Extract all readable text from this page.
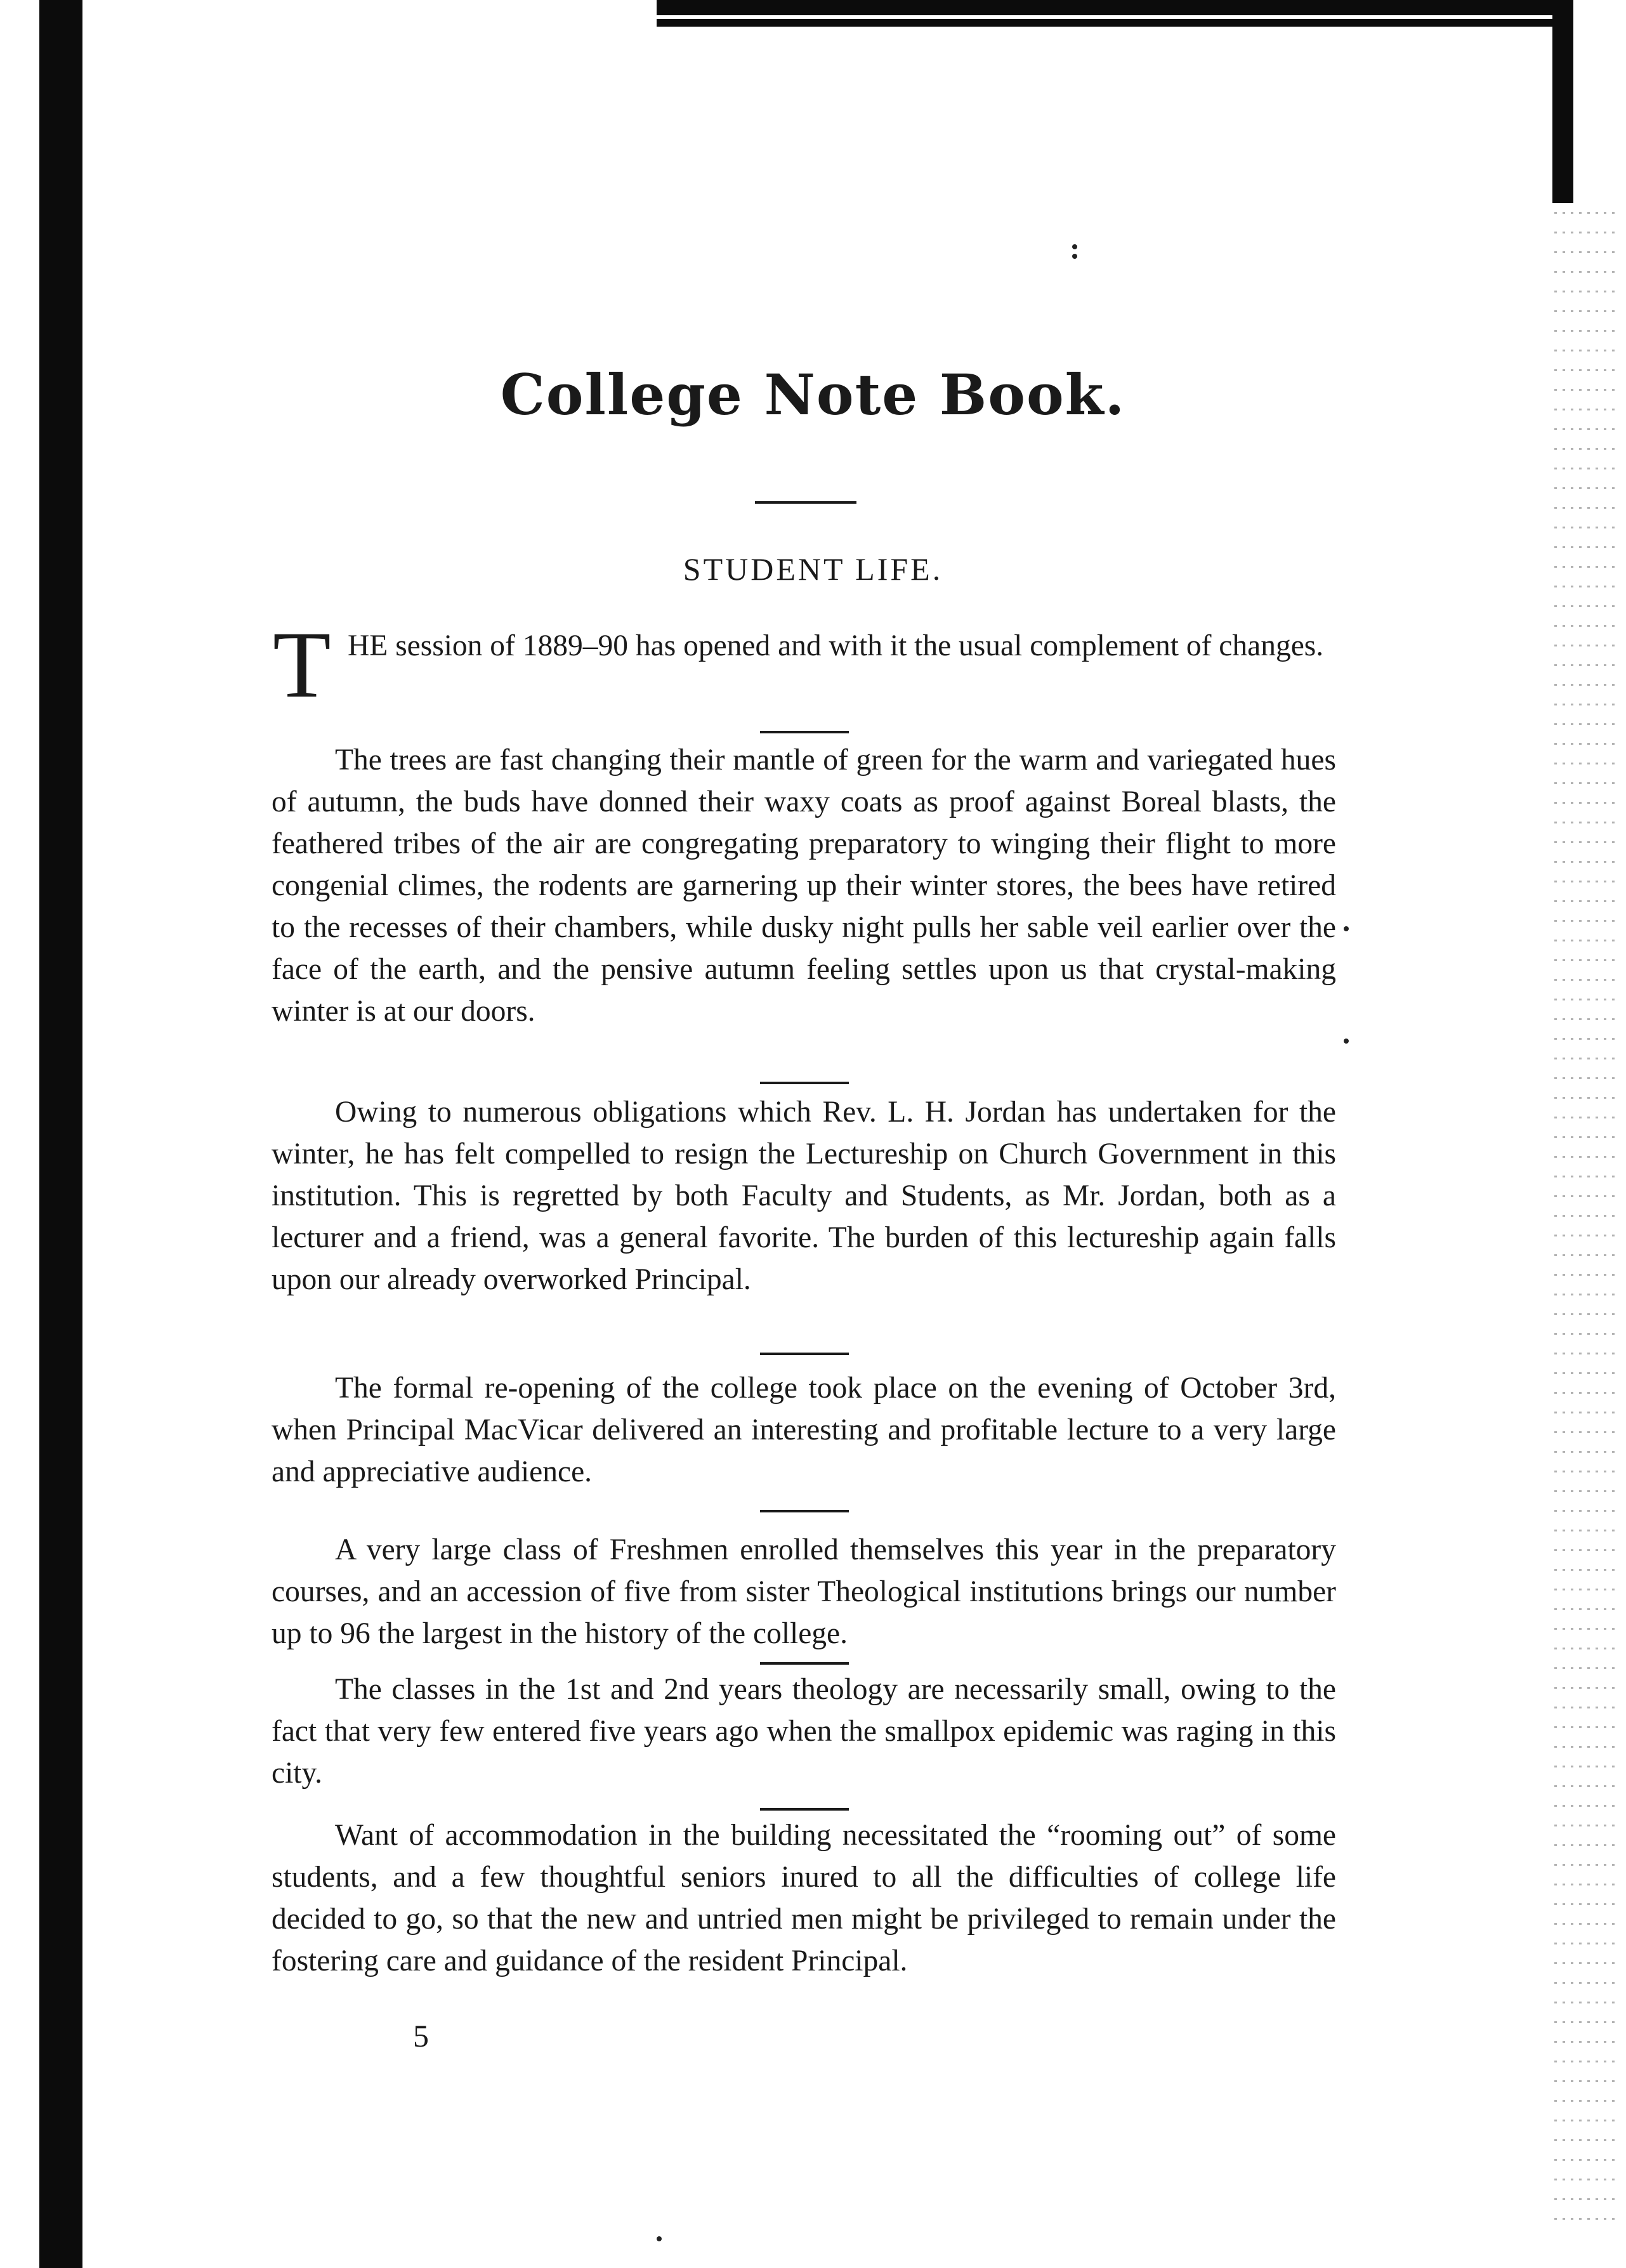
College Note Book.
STUDENT LIFE.

T HE session of 1889–90 has opened and with it the usual complement of changes.

The trees are fast changing their mantle of green for the warm and variegated hues of autumn, the buds have donned their waxy coats as proof against Boreal blasts, the feathered tribes of the air are congregating preparatory to winging their flight to more congenial climes, the rodents are garnering up their winter stores, the bees have retired to the recesses of their chambers, while dusky night pulls her sable veil earlier over the face of the earth, and the pensive autumn feeling settles upon us that crystal-making winter is at our doors.

Owing to numerous obligations which Rev. L. H. Jordan has undertaken for the winter, he has felt compelled to resign the Lectureship on Church Government in this institution. This is regretted by both Faculty and Students, as Mr. Jordan, both as a lecturer and a friend, was a general favorite. The burden of this lectureship again falls upon our already overworked Principal.

The formal re-opening of the college took place on the evening of October 3rd, when Principal MacVicar delivered an interesting and profitable lecture to a very large and appreciative audience.

A very large class of Freshmen enrolled themselves this year in the preparatory courses, and an accession of five from sister Theological institutions brings our number up to 96 the largest in the history of the college.

The classes in the 1st and 2nd years theology are necessarily small, owing to the fact that very few entered five years ago when the smallpox epidemic was raging in this city.

Want of accommodation in the building necessitated the “rooming out” of some students, and a few thoughtful seniors inured to all the difficulties of college life decided to go, so that the new and untried men might be privileged to remain under the fostering care and guidance of the resident Principal.

5
